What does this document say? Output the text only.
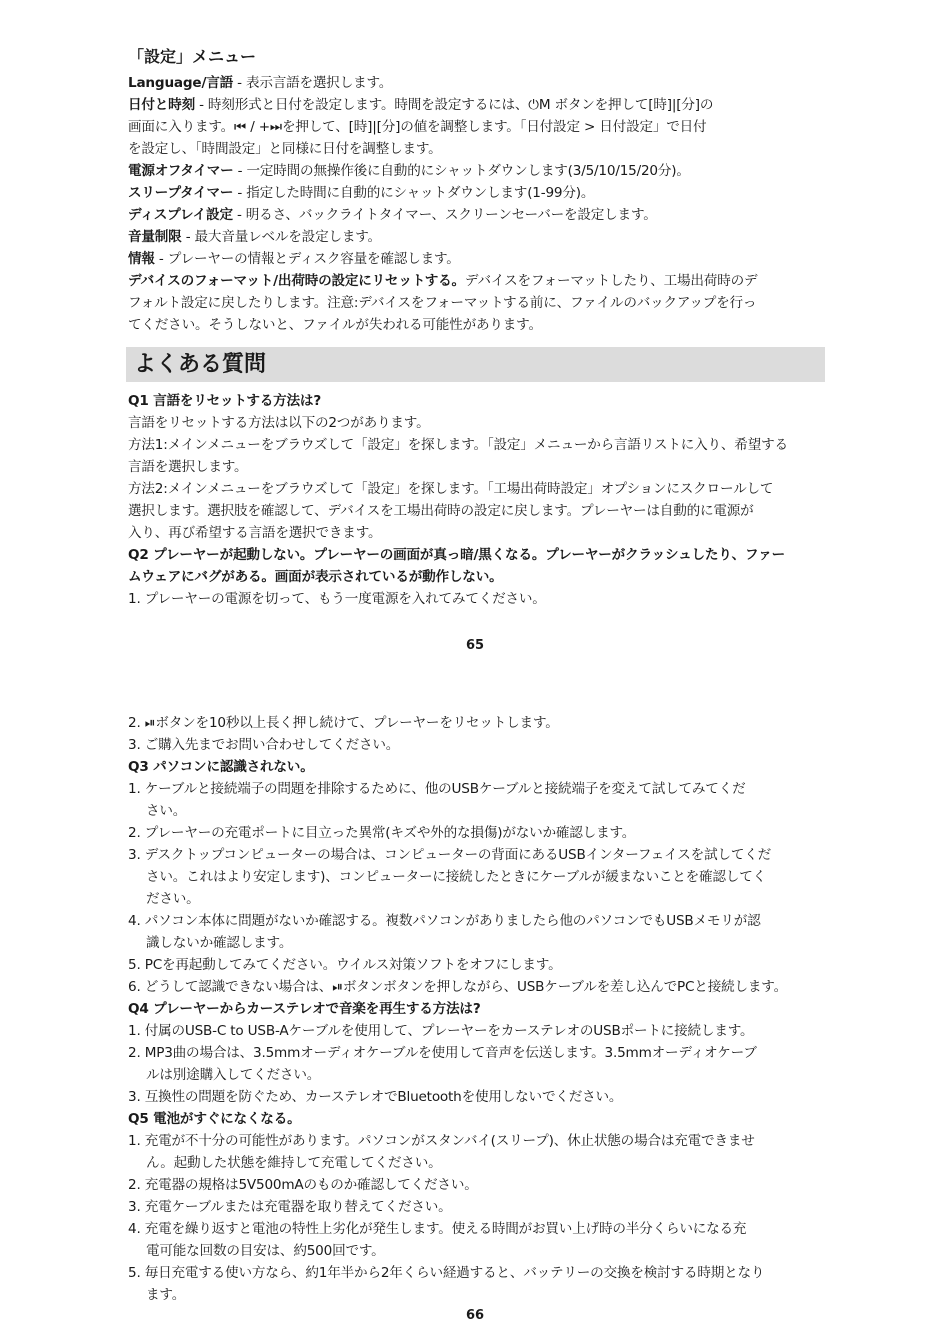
「設定」メニュー
Language/言語 - 表示言語を選択します。
日付と時刻 - 時刻形式と日付を設定します。時間を設定するには、⏻M ボタンを押して[時]|[分]の
画面に入ります。⏮ / +⏭を押して、[時]|[分]の値を調整します。「日付設定 > 日付設定」で日付
を設定し、「時間設定」と同様に日付を調整します。
電源オフタイマー - 一定時間の無操作後に自動的にシャットダウンします(3/5/10/15/20分)。
スリープタイマー - 指定した時間に自動的にシャットダウンします(1-99分)。
ディスプレイ設定 - 明るさ、バックライトタイマー、スクリーンセーバーを設定します。
音量制限 - 最大音量レベルを設定します。
情報 - プレーヤーの情報とディスク容量を確認します。
デバイスのフォーマット/出荷時の設定にリセットする。デバイスをフォーマットしたり、工場出荷時のデ
フォルト設定に戻したりします。注意:デバイスをフォーマットする前に、ファイルのバックアップを行っ
てください。そうしないと、ファイルが失われる可能性があります。
よくある質問
Q1 言語をリセットする方法は?
言語をリセットする方法は以下の2つがあります。
方法1:メインメニューをブラウズして「設定」を探します。「設定」メニューから言語リストに入り、希望する
言語を選択します。
方法2:メインメニューをブラウズして「設定」を探します。「工場出荷時設定」オプションにスクロールして
選択します。選択肢を確認して、デバイスを工場出荷時の設定に戻します。プレーヤーは自動的に電源が
入り、再び希望する言語を選択できます。
Q2 プレーヤーが起動しない。プレーヤーの画面が真っ暗/黒くなる。プレーヤーがクラッシュしたり、ファー
ムウェアにバグがある。画面が表示されているが動作しない。
1. プレーヤーの電源を切って、もう一度電源を入れてみてください。
65
2. ⏯ボタンを10秒以上長く押し続けて、プレーヤーをリセットします。
3. ご購入先までお問い合わせしてください。
Q3 パソコンに認識されない。
1. ケーブルと接続端子の問題を排除するために、他のUSBケーブルと接続端子を変えて試してみてくだ
さい。
2. プレーヤーの充電ポートに目立った異常(キズや外的な損傷)がないか確認します。
3. デスクトップコンピューターの場合は、コンピューターの背面にあるUSBインターフェイスを試してくだ
さい。これはより安定します)、コンピューターに接続したときにケーブルが緩まないことを確認してく
ださい。
4. パソコン本体に問題がないか確認する。複数パソコンがありましたら他のパソコンでもUSBメモリが認
識しないか確認します。
5. PCを再起動してみてください。ウイルス対策ソフトをオフにします。
6. どうして認識できない場合は、⏯ボタンボタンを押しながら、USBケーブルを差し込んでPCと接続します。
Q4 プレーヤーからカーステレオで音楽を再生する方法は?
1. 付属のUSB-C to USB-Aケーブルを使用して、プレーヤーをカーステレオのUSBポートに接続します。
2. MP3曲の場合は、3.5mmオーディオケーブルを使用して音声を伝送します。3.5mmオーディオケーブ
ルは別途購入してください。
3. 互換性の問題を防ぐため、カーステレオでBluetoothを使用しないでください。
Q5 電池がすぐになくなる。
1. 充電が不十分の可能性があります。パソコンがスタンバイ(スリープ)、休止状態の場合は充電できませ
ん。起動した状態を維持して充電してください。
2. 充電器の規格は5V500mAのものか確認してください。
3. 充電ケーブルまたは充電器を取り替えてください。
4. 充電を繰り返すと電池の特性上劣化が発生します。使える時間がお買い上げ時の半分くらいになる充
電可能な回数の目安は、約500回です。
5. 毎日充電する使い方なら、約1年半から2年くらい経過すると、バッテリーの交換を検討する時期となり
ます。
66
